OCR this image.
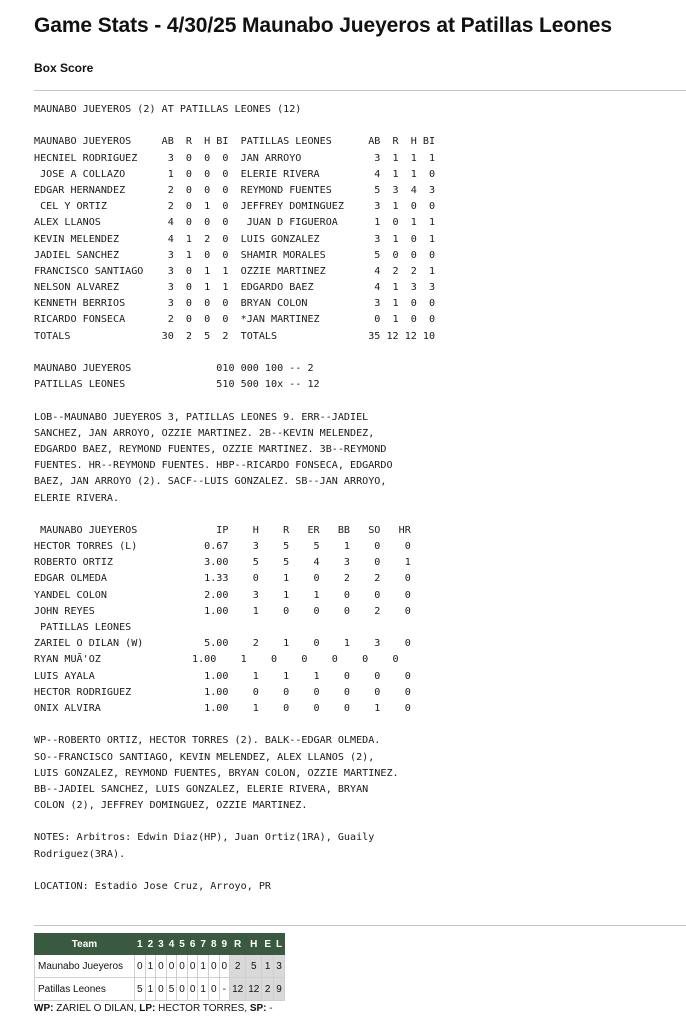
Game Stats - 4/30/25 Maunabo Jueyeros at Patillas Leones
Box Score
MAUNABO JUEYEROS (2) AT PATILLAS LEONES (12)
MAUNABO JUEYEROS     AB  R  H BI  PATILLAS LEONES      AB  R  H BI
HECNIEL RODRIGUEZ     3  0  0  0  JAN ARROYO            3  1  1  1
JOSE A COLLAZO       1  0  0  0  ELERIE RIVERA         4  1  1  0
EDGAR HERNANDEZ       2  0  0  0  REYMOND FUENTES       5  3  4  3
CEL Y ORTIZ          2  0  1  0  JEFFREY DOMINGUEZ     3  1  0  0
ALEX LLANOS           4  0  0  0   JUAN D FIGUEROA      1  0  1  1
KEVIN MELENDEZ        4  1  2  0  LUIS GONZALEZ         3  1  0  1
JADIEL SANCHEZ        3  1  0  0  SHAMIR MORALES        5  0  0  0
FRANCISCO SANTIAGO    3  0  1  1  OZZIE MARTINEZ        4  2  2  1
NELSON ALVAREZ        3  0  1  1  EDGARDO BAEZ          4  1  3  3
KENNETH BERRIOS       3  0  0  0  BRYAN COLON           3  1  0  0
RICARDO FONSECA       2  0  0  0  *JAN MARTINEZ         0  1  0  0
TOTALS               30  2  5  2  TOTALS               35 12 12 10
MAUNABO JUEYEROS              010 000 100 -- 2
PATILLAS LEONES               510 500 10x -- 12
LOB--MAUNABO JUEYEROS 3, PATILLAS LEONES 9. ERR--JADIEL
SANCHEZ, JAN ARROYO, OZZIE MARTINEZ. 2B--KEVIN MELENDEZ,
EDGARDO BAEZ, REYMOND FUENTES, OZZIE MARTINEZ. 3B--REYMOND
FUENTES. HR--REYMOND FUENTES. HBP--RICARDO FONSECA, EDGARDO
BAEZ, JAN ARROYO (2). SACF--LUIS GONZALEZ. SB--JAN ARROYO,
ELERIE RIVERA.
MAUNABO JUEYEROS             IP    H    R   ER   BB   SO   HR
HECTOR TORRES (L)           0.67    3    5    5    1    0    0
ROBERTO ORTIZ               3.00    5    5    4    3    0    1
EDGAR OLMEDA                1.33    0    1    0    2    2    0
YANDEL COLON                2.00    3    1    1    0    0    0
JOHN REYES                  1.00    1    0    0    0    2    0
PATILLAS LEONES
ZARIEL O DILAN (W)          5.00    2    1    0    1    3    0
RYAN MUÃ'OZ               1.00    1    0    0    0    0    0
LUIS AYALA                  1.00    1    1    1    0    0    0
HECTOR RODRIGUEZ            1.00    0    0    0    0    0    0
ONIX ALVIRA                 1.00    1    0    0    0    1    0
WP--ROBERTO ORTIZ, HECTOR TORRES (2). BALK--EDGAR OLMEDA.
SO--FRANCISCO SANTIAGO, KEVIN MELENDEZ, ALEX LLANOS (2),
LUIS GONZALEZ, REYMOND FUENTES, BRYAN COLON, OZZIE MARTINEZ.
BB--JADIEL SANCHEZ, LUIS GONZALEZ, ELERIE RIVERA, BRYAN
COLON (2), JEFFREY DOMINGUEZ, OZZIE MARTINEZ.
NOTES: Arbitros: Edwin Diaz(HP), Juan Ortiz(1RA), Guaily
Rodriguez(3RA).
LOCATION: Estadio Jose Cruz, Arroyo, PR
Team	1	2	3	4	5	6	7	8	9	R	H	E	L
Maunabo Jueyeros	0	1	0	0	0	0	1	0	0	2	5	1	3
Patillas Leones	5	1	0	5	0	0	1	0	-	12	12	2	9
WP: ZARIEL O DILAN, LP: HECTOR TORRES, SP: -
